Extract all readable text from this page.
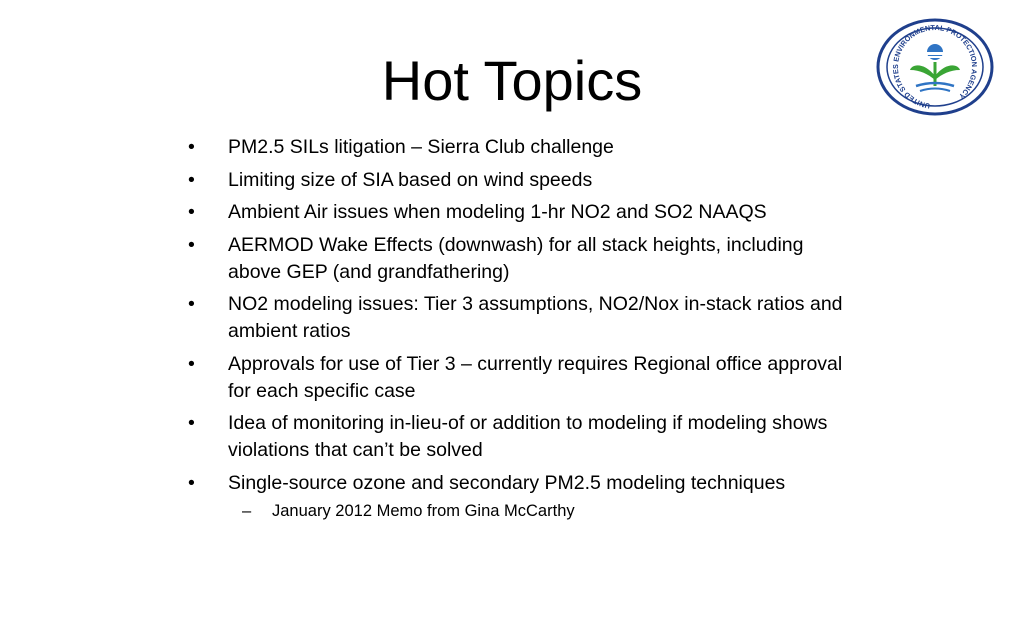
Hot Topics	UNITED STATES ENVIRONMENTAL PROTECTION AGENCY
•	PM2.5 SILs litigation – Sierra Club challenge
•	Limiting size of SIA based on wind speeds
•	Ambient Air issues when modeling 1-hr NO2 and SO2 NAAQS
•	AERMOD Wake Effects (downwash) for all stack heights, including above GEP (and grandfathering)
•	NO2 modeling issues: Tier 3 assumptions, NO2/Nox in-stack ratios and ambient ratios
•	Approvals for use of Tier 3 – currently requires Regional office approval for each specific case
•	Idea of monitoring in-lieu-of or addition to modeling if modeling shows violations that can’t be solved
•	Single-source ozone and secondary PM2.5 modeling techniques
– January 2012 Memo from Gina McCarthy
